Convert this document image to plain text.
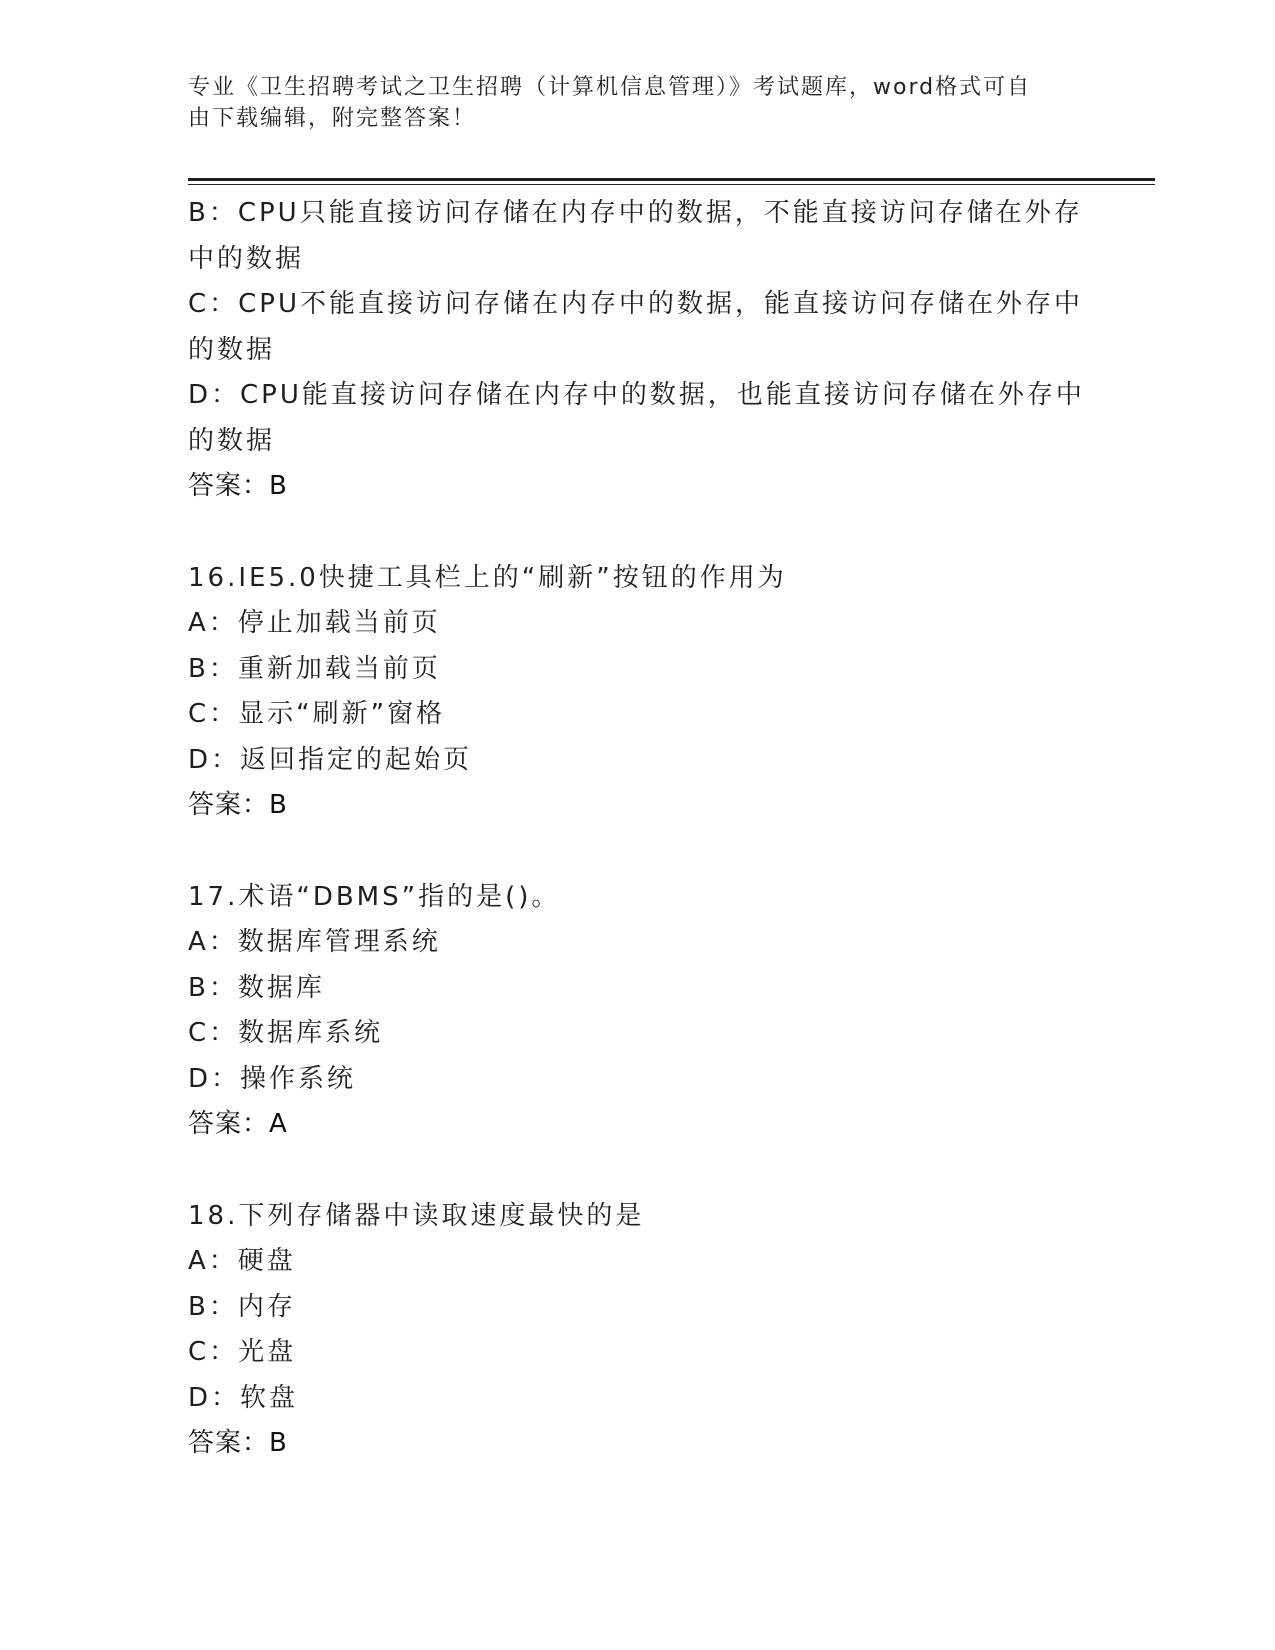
专业《卫生招聘考试之卫生招聘（计算机信息管理）》考试题库，word格式可自
由下载编辑，附完整答案！
B：CPU只能直接访问存储在内存中的数据，不能直接访问存储在外存
中的数据
C：CPU不能直接访问存储在内存中的数据，能直接访问存储在外存中
的数据
D：CPU能直接访问存储在内存中的数据，也能直接访问存储在外存中
的数据
答案：B
16.IE5.0快捷工具栏上的“刷新”按钮的作用为
A：停止加载当前页
B：重新加载当前页
C：显示“刷新”窗格
D：返回指定的起始页
答案：B
17.术语“DBMS”指的是()。
A：数据库管理系统
B：数据库
C：数据库系统
D：操作系统
答案：A
18.下列存储器中读取速度最快的是
A：硬盘
B：内存
C：光盘
D：软盘
答案：B
